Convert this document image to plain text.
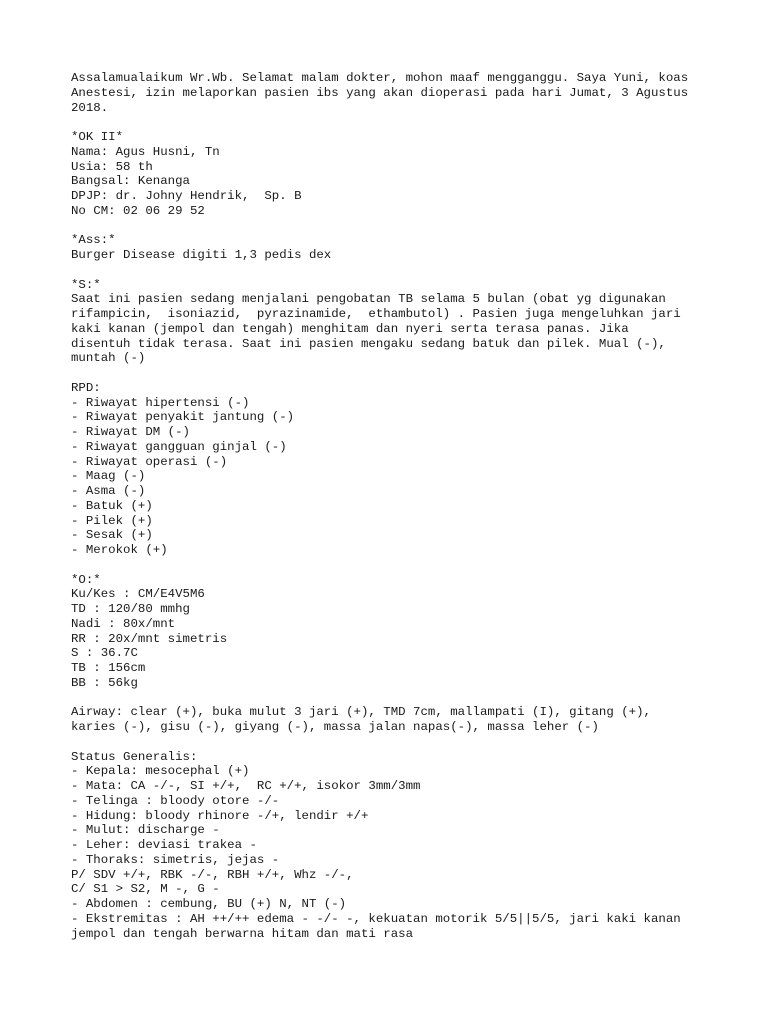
Assalamualaikum Wr.Wb. Selamat malam dokter, mohon maaf mengganggu. Saya Yuni, koas
Anestesi, izin melaporkan pasien ibs yang akan dioperasi pada hari Jumat, 3 Agustus
2018.
*OK II*
Nama: Agus Husni, Tn
Usia: 58 th
Bangsal: Kenanga
DPJP: dr. Johny Hendrik,  Sp. B
No CM: 02 06 29 52
*Ass:*
Burger Disease digiti 1,3 pedis dex
*S:*
Saat ini pasien sedang menjalani pengobatan TB selama 5 bulan (obat yg digunakan
rifampicin,  isoniazid,  pyrazinamide,  ethambutol) . Pasien juga mengeluhkan jari
kaki kanan (jempol dan tengah) menghitam dan nyeri serta terasa panas. Jika
disentuh tidak terasa. Saat ini pasien mengaku sedang batuk dan pilek. Mual (-),
muntah (-)
RPD:
- Riwayat hipertensi (-)
- Riwayat penyakit jantung (-)
- Riwayat DM (-)
- Riwayat gangguan ginjal (-)
- Riwayat operasi (-)
- Maag (-)
- Asma (-)
- Batuk (+)
- Pilek (+)
- Sesak (+)
- Merokok (+)
*O:*
Ku/Kes : CM/E4V5M6
TD : 120/80 mmhg
Nadi : 80x/mnt
RR : 20x/mnt simetris
S : 36.7C
TB : 156cm
BB : 56kg
Airway: clear (+), buka mulut 3 jari (+), TMD 7cm, mallampati (I), gitang (+),
karies (-), gisu (-), giyang (-), massa jalan napas(-), massa leher (-)
Status Generalis:
- Kepala: mesocephal (+)
- Mata: CA -/-, SI +/+,  RC +/+, isokor 3mm/3mm
- Telinga : bloody otore -/-
- Hidung: bloody rhinore -/+, lendir +/+
- Mulut: discharge -
- Leher: deviasi trakea -
- Thoraks: simetris, jejas -
P/ SDV +/+, RBK -/-, RBH +/+, Whz -/-,
C/ S1 > S2, M -, G -
- Abdomen : cembung, BU (+) N, NT (-)
- Ekstremitas : AH ++/++ edema - -/- -, kekuatan motorik 5/5||5/5, jari kaki kanan
jempol dan tengah berwarna hitam dan mati rasa
